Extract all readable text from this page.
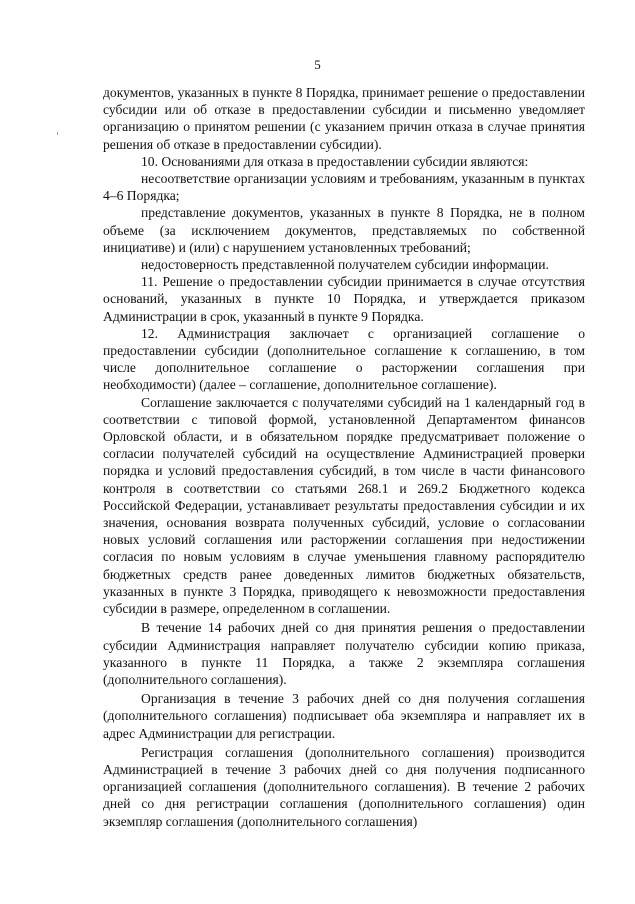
5

документов, указанных в пункте 8 Порядка, принимает решение о предоставлении субсидии или об отказе в предоставлении субсидии и письменно уведомляет организацию о принятом решении (с указанием причин отказа в случае принятия решения об отказе в предоставлении субсидии).

10. Основаниями для отказа в предоставлении субсидии являются:

несоответствие организации условиям и требованиям, указанным в пунктах 4–6 Порядка;

представление документов, указанных в пункте 8 Порядка, не в полном объеме (за исключением документов, представляемых по собственной инициативе) и (или) с нарушением установленных требований;

недостоверность представленной получателем субсидии информации.

11. Решение о предоставлении субсидии принимается в случае отсутствия оснований, указанных в пункте 10 Порядка, и утверждается приказом Администрации в срок, указанный в пункте 9 Порядка.

12. Администрация заключает с организацией соглашение о предоставлении субсидии (дополнительное соглашение к соглашению, в том числе дополнительное соглашение о расторжении соглашения при необходимости) (далее – соглашение, дополнительное соглашение).

Соглашение заключается с получателями субсидий на 1 календарный год в соответствии с типовой формой, установленной Департаментом финансов Орловской области, и в обязательном порядке предусматривает положение о согласии получателей субсидий на осуществление Администрацией проверки порядка и условий предоставления субсидий, в том числе в части финансового контроля в соответствии со статьями 268.1 и 269.2 Бюджетного кодекса Российской Федерации, устанавливает результаты предоставления субсидии и их значения, основания возврата полученных субсидий, условие о согласовании новых условий соглашения или расторжении соглашения при недостижении согласия по новым условиям в случае уменьшения главному распорядителю бюджетных средств ранее доведенных лимитов бюджетных обязательств, указанных в пункте 3 Порядка, приводящего к невозможности предоставления субсидии в размере, определенном в соглашении.

В течение 14 рабочих дней со дня принятия решения о предоставлении субсидии Администрация направляет получателю субсидии копию приказа, указанного в пункте 11 Порядка, а также 2 экземпляра соглашения (дополнительного соглашения).

Организация в течение 3 рабочих дней со дня получения соглашения (дополнительного соглашения) подписывает оба экземпляра и направляет их в адрес Администрации для регистрации.

Регистрация соглашения (дополнительного соглашения) производится Администрацией в течение 3 рабочих дней со дня получения подписанного организацией соглашения (дополнительного соглашения). В течение 2 рабочих дней со дня регистрации соглашения (дополнительного соглашения) один экземпляр соглашения (дополнительного соглашения)
